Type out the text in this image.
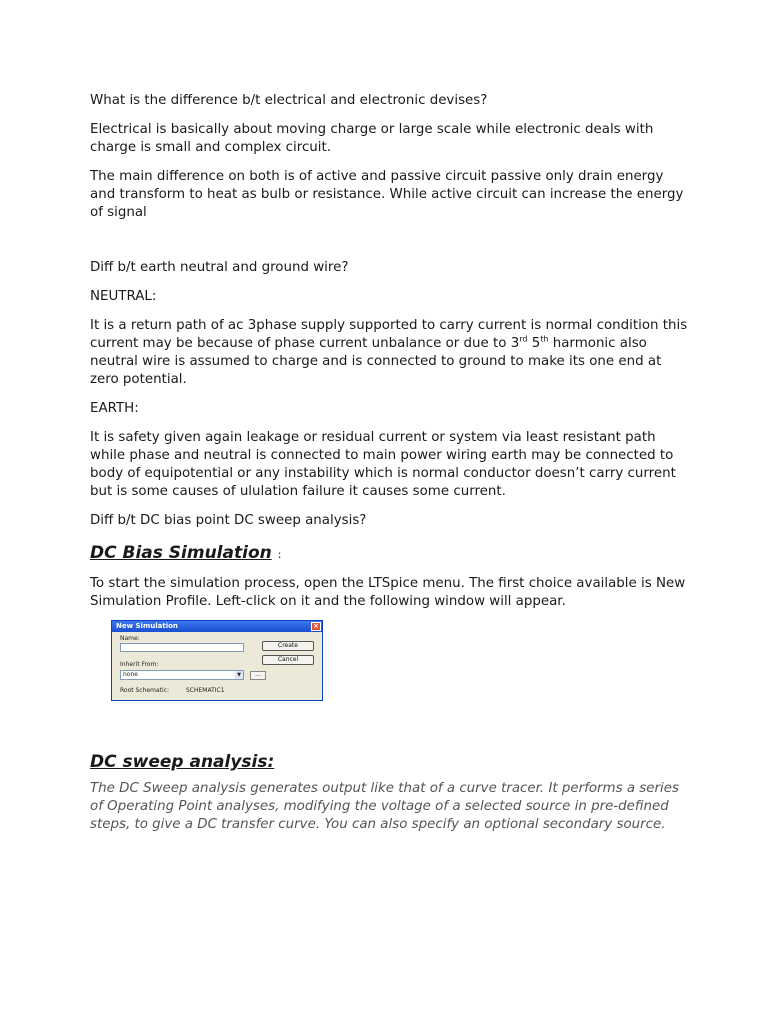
What is the difference b/t electrical and electronic devises?

Electrical is basically about moving charge or large scale while electronic deals with charge is small and complex circuit.

The main difference on both is of active and passive circuit passive only drain energy and transform to heat as bulb or resistance. While active circuit can increase the energy of signal

Diff b/t earth neutral and ground wire?

NEUTRAL:

It is a return path of ac 3phase supply supported to carry current is normal condition this current may be because of phase current unbalance or due to 3rd 5th harmonic also neutral wire is assumed to charge and is connected to ground to make its one end at zero potential.

EARTH:

It is safety given again leakage or residual current or system via least resistant path while phase and neutral is connected to main power wiring earth may be connected to body of equipotential or any instability which is normal conductor doesn’t carry current but is some causes of ululation failure it causes some current.

Diff b/t DC bias point DC sweep analysis?

DC Bias Simulation :

To start the simulation process, open the LTSpice menu. The first choice available is New Simulation Profile. Left-click on it and the following window will appear.

New Simulation	×
Name:
Inherit From:
none	▼	...
Root Schematic:	SCHEMATIC1
Create
Cancel
DC sweep analysis:

The DC Sweep analysis generates output like that of a curve tracer. It performs a series of Operating Point analyses, modifying the voltage of a selected source in pre-defined steps, to give a DC transfer curve. You can also specify an optional secondary source.
